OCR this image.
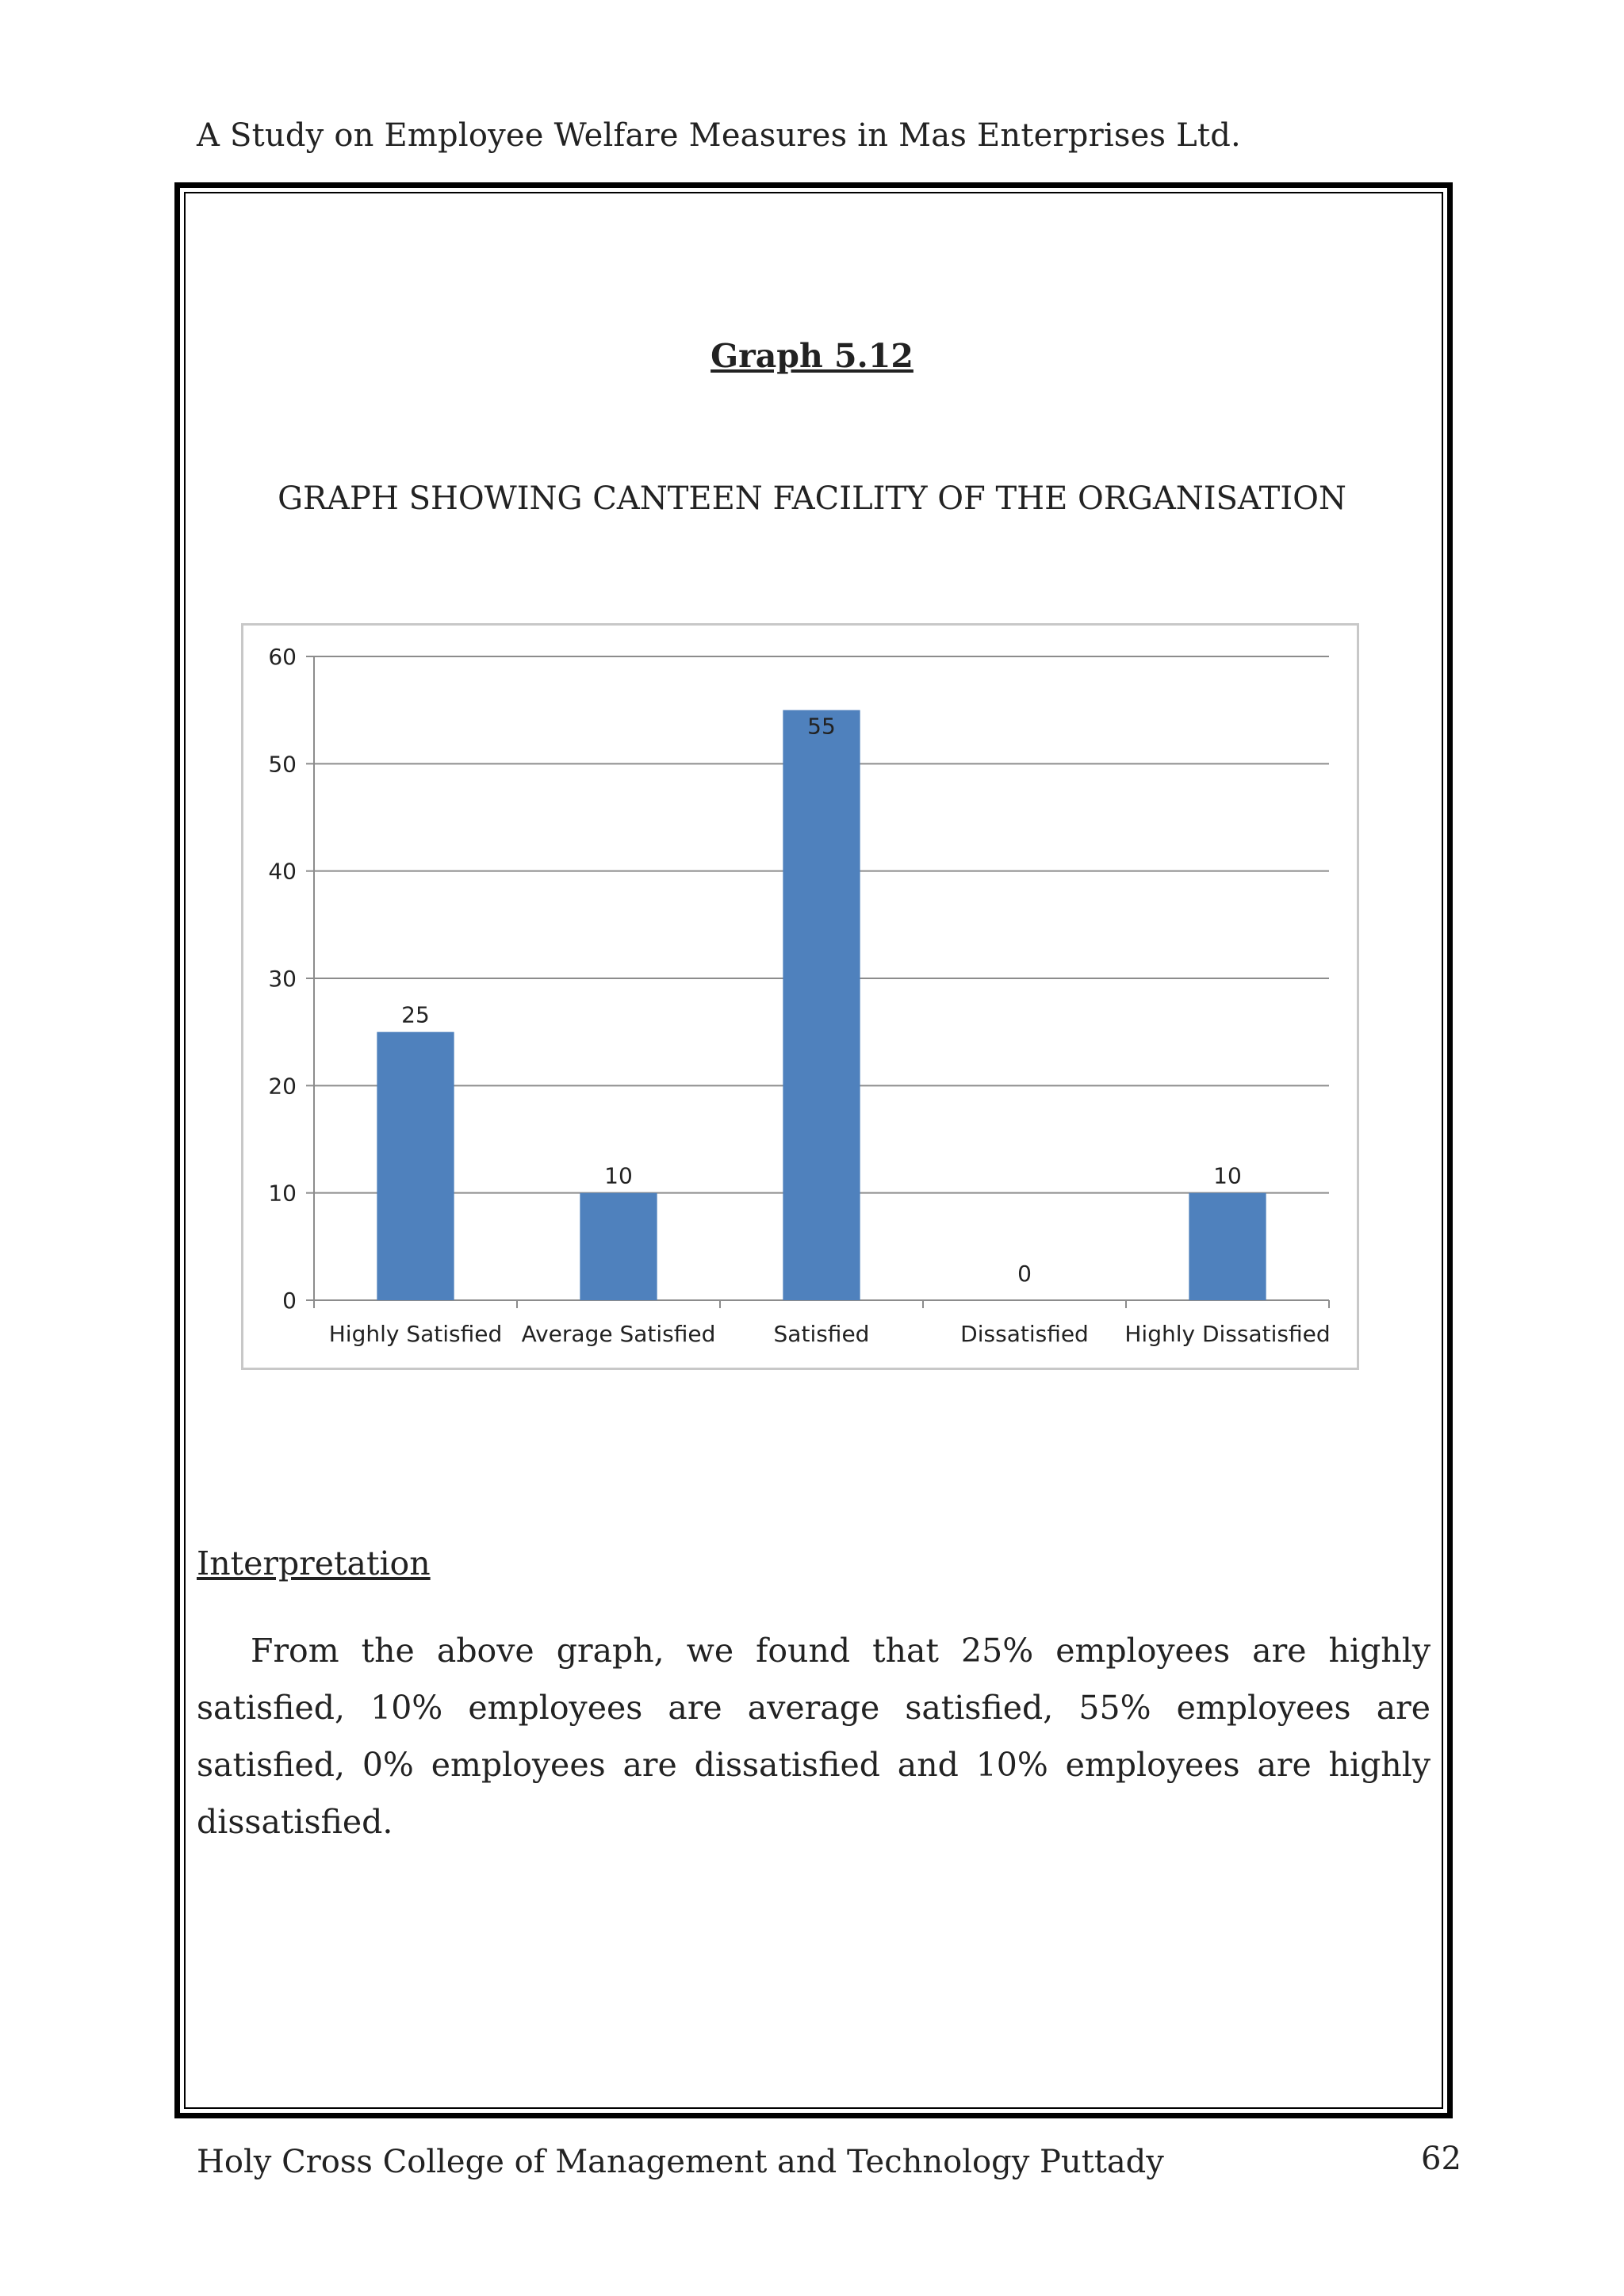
A Study on Employee Welfare Measures in Mas Enterprises Ltd.
Graph 5.12
GRAPH SHOWING CANTEEN FACILITY OF THE ORGANISATION
0
10
20
30
40
50
60
25
Highly Satisfied
10
Average Satisfied
55
Satisfied
0
Dissatisfied
10
Highly Dissatisfied
Interpretation
From the above graph, we found that 25% employees are highly satisfied, 10% employees are average satisfied, 55% employees are satisfied, 0% employees are dissatisfied and 10% employees are highly dissatisfied.
Holy Cross College of Management and Technology Puttady	62
